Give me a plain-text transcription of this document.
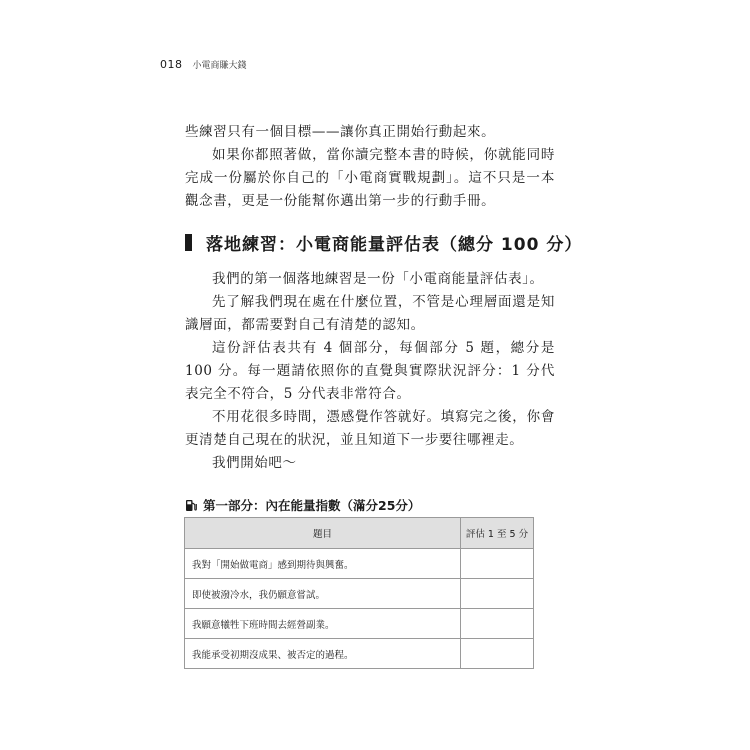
018 小電商賺大錢

些練習只有一個目標——讓你真正開始行動起來。

如果你都照著做，當你讀完整本書的時候，你就能同時完成一份屬於你自己的「小電商實戰規劃」。這不只是一本觀念書，更是一份能幫你邁出第一步的行動手冊。

落地練習：小電商能量評估表（總分 100 分）

我們的第一個落地練習是一份「小電商能量評估表」。

先了解我們現在處在什麼位置，不管是心理層面還是知識層面，都需要對自己有清楚的認知。

這份評估表共有 4 個部分，每個部分 5 題，總分是 100 分。每一題請依照你的直覺與實際狀況評分：1 分代表完全不符合，5 分代表非常符合。

不用花很多時間，憑感覺作答就好。填寫完之後，你會更清楚自己現在的狀況，並且知道下一步要往哪裡走。

我們開始吧～

第一部分：內在能量指數（滿分25分）
題目	評估 1 至 5 分
我對「開始做電商」感到期待與興奮。	
即使被潑冷水，我仍願意嘗試。	
我願意犧牲下班時間去經營副業。	
我能承受初期沒成果、被否定的過程。	
